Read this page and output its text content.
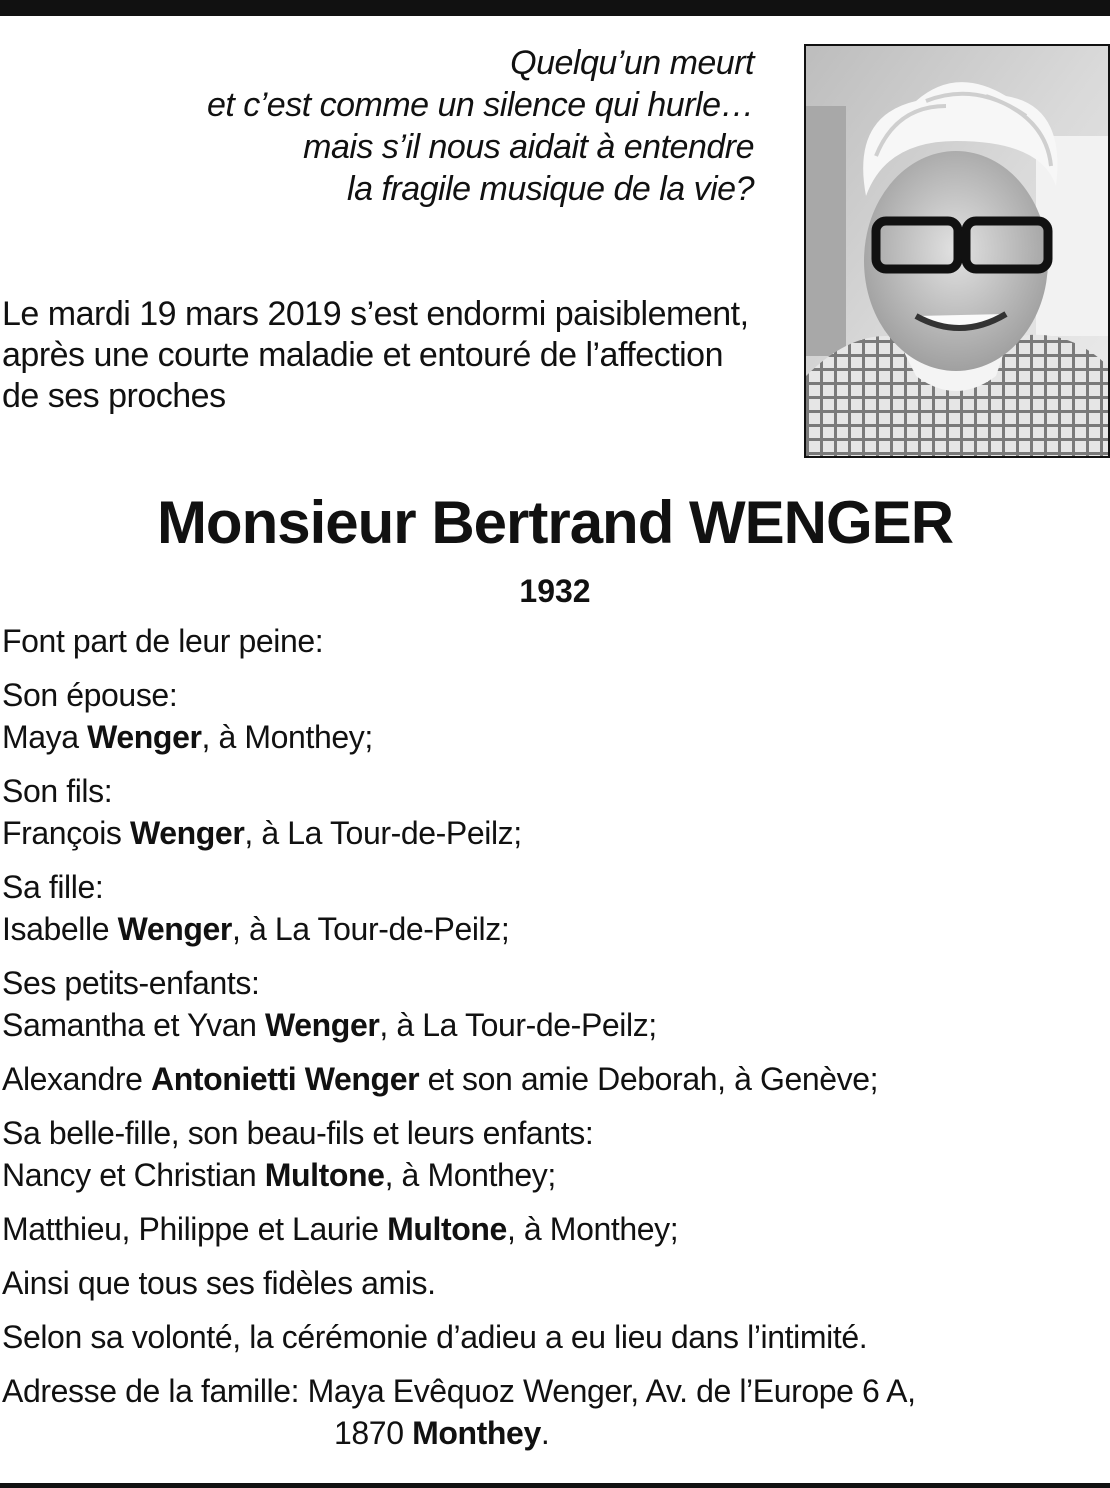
Quelqu’un meurt
et c’est comme un silence qui hurle…
mais s’il nous aidait à entendre
la fragile musique de la vie?
Le mardi 19 mars 2019 s’est endormi paisiblement,
après une courte maladie et entouré de l’affection
de ses proches
Monsieur Bertrand WENGER
1932
Font part de leur peine:
Son épouse:
Maya Wenger, à Monthey;
Son fils:
François Wenger, à La Tour-de-Peilz;
Sa fille:
Isabelle Wenger, à La Tour-de-Peilz;
Ses petits-enfants:
Samantha et Yvan Wenger, à La Tour-de-Peilz;
Alexandre Antonietti Wenger et son amie Deborah, à Genève;
Sa belle-fille, son beau-fils et leurs enfants:
Nancy et Christian Multone, à Monthey;
Matthieu, Philippe et Laurie Multone, à Monthey;
Ainsi que tous ses fidèles amis.
Selon sa volonté, la cérémonie d’adieu a eu lieu dans l’intimité.
Adresse de la famille: Maya Evêquoz Wenger, Av. de l’Europe 6 A,
1870 Monthey.
